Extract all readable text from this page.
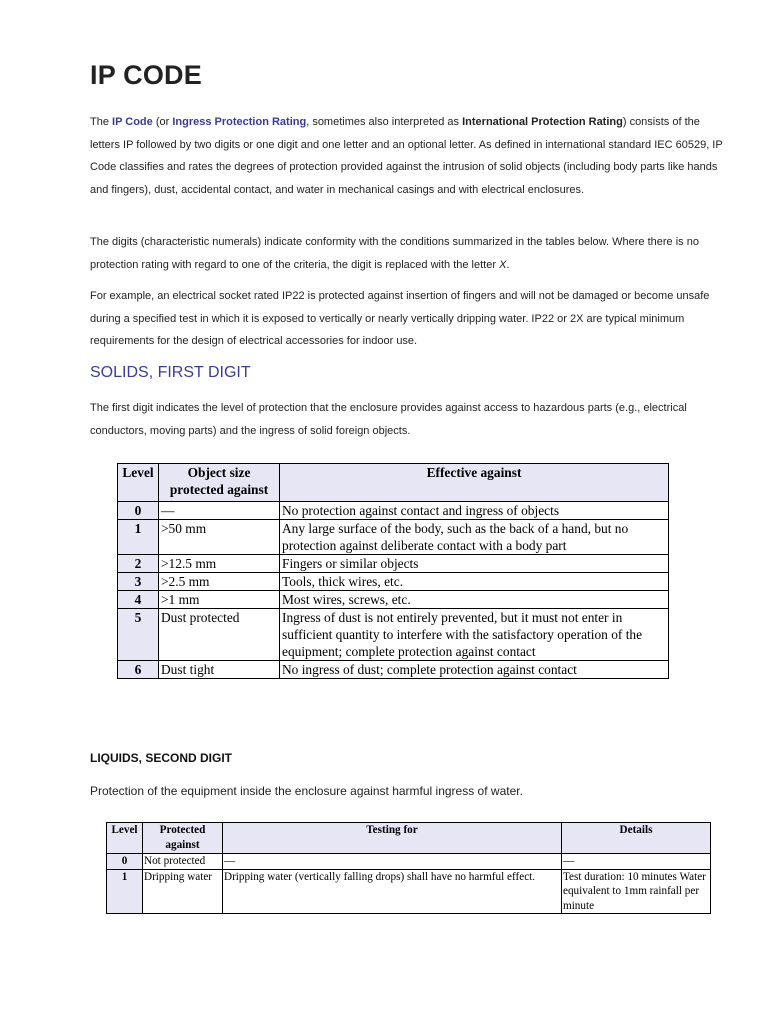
IP CODE

The IP Code (or Ingress Protection Rating, sometimes also interpreted as International Protection Rating) consists of the letters IP followed by two digits or one digit and one letter and an optional letter. As defined in international standard IEC 60529, IP Code classifies and rates the degrees of protection provided against the intrusion of solid objects (including body parts like hands and fingers), dust, accidental contact, and water in mechanical casings and with electrical enclosures.

The digits (characteristic numerals) indicate conformity with the conditions summarized in the tables below. Where there is no protection rating with regard to one of the criteria, the digit is replaced with the letter X.

For example, an electrical socket rated IP22 is protected against insertion of fingers and will not be damaged or become unsafe during a specified test in which it is exposed to vertically or nearly vertically dripping water. IP22 or 2X are typical minimum requirements for the design of electrical accessories for indoor use.

SOLIDS, FIRST DIGIT

The first digit indicates the level of protection that the enclosure provides against access to hazardous parts (e.g., electrical conductors, moving parts) and the ingress of solid foreign objects.

Level	Object size protected against	Effective against
0	—	No protection against contact and ingress of objects
1	>50 mm	Any large surface of the body, such as the back of a hand, but no protection against deliberate contact with a body part
2	>12.5 mm	Fingers or similar objects
3	>2.5 mm	Tools, thick wires, etc.
4	>1 mm	Most wires, screws, etc.
5	Dust protected	Ingress of dust is not entirely prevented, but it must not enter in sufficient quantity to interfere with the satisfactory operation of the equipment; complete protection against contact
6	Dust tight	No ingress of dust; complete protection against contact
LIQUIDS, SECOND DIGIT

Protection of the equipment inside the enclosure against harmful ingress of water.

Level	Protected against	Testing for	Details
0	Not protected	—	—
1	Dripping water	Dripping water (vertically falling drops) shall have no harmful effect.	Test duration: 10 minutes Water equivalent to 1mm rainfall per minute
